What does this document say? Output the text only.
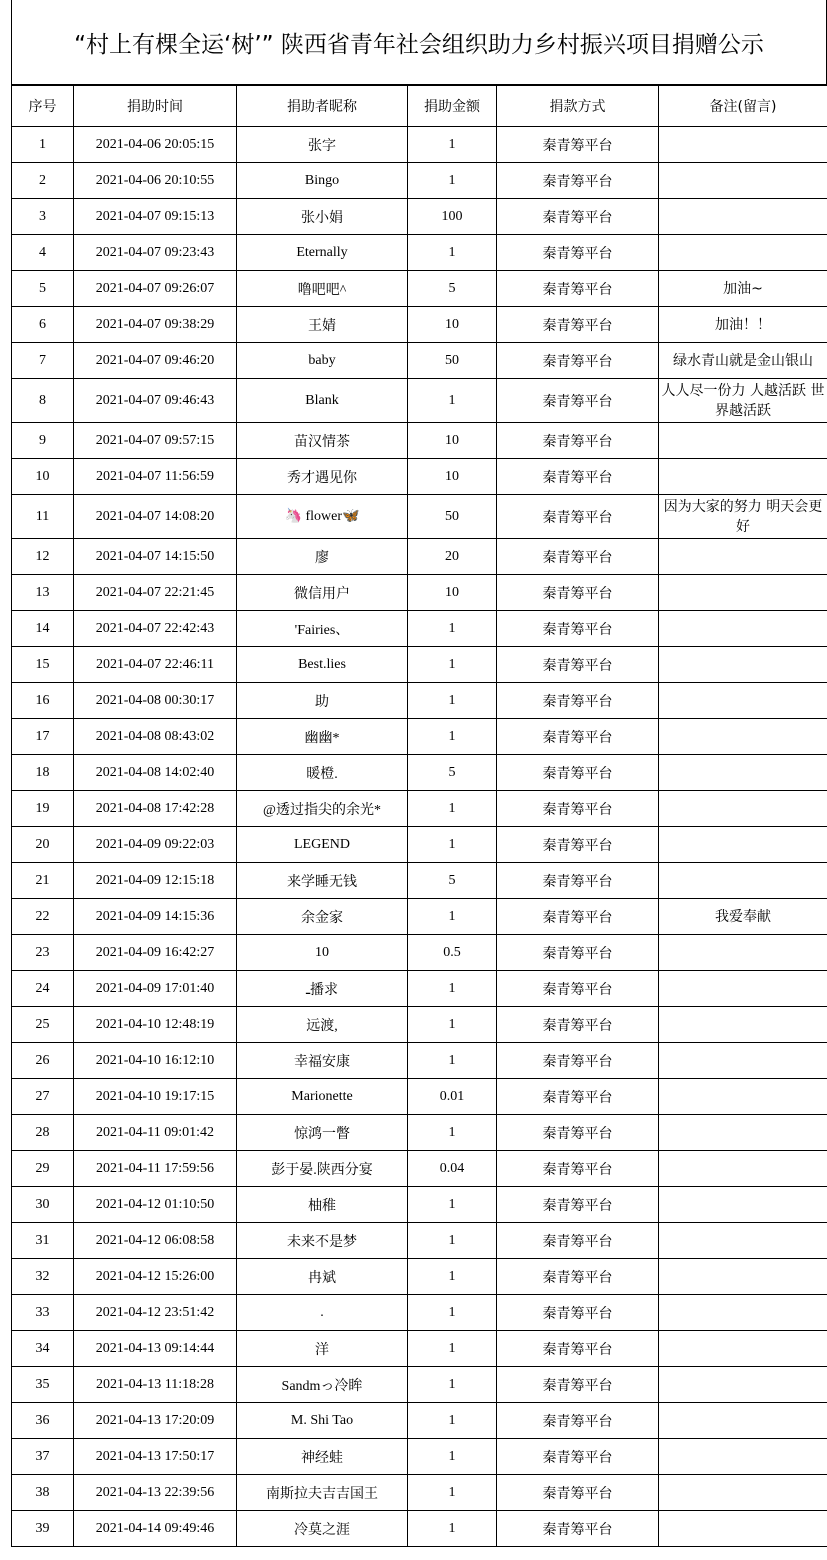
“村上有棵全运‘树’” 陕西省青年社会组织助力乡村振兴项目捐赠公示
序号	捐助时间	捐助者昵称	捐助金额	捐款方式	备注(留言)
1	2021-04-06 20:05:15	张字	1	秦青筹平台	
2	2021-04-06 20:10:55	Bingo	1	秦青筹平台	
3	2021-04-07 09:15:13	张小娟	100	秦青筹平台	
4	2021-04-07 09:23:43	Eternally	1	秦青筹平台	
5	2021-04-07 09:26:07	噜吧吧^	5	秦青筹平台	加油~
6	2021-04-07 09:38:29	王婧	10	秦青筹平台	加油！！
7	2021-04-07 09:46:20	baby	50	秦青筹平台	绿水青山就是金山银山
8	2021-04-07 09:46:43	Blank	1	秦青筹平台	人人尽一份力 人越活跃 世界越活跃
9	2021-04-07 09:57:15	苗汉情茶	10	秦青筹平台	
10	2021-04-07 11:56:59	秀才遇见你	10	秦青筹平台	
11	2021-04-07 14:08:20	🦄 flower🦋	50	秦青筹平台	因为大家的努力 明天会更好
12	2021-04-07 14:15:50	廖	20	秦青筹平台	
13	2021-04-07 22:21:45	微信用户	10	秦青筹平台	
14	2021-04-07 22:42:43	'Fairies、	1	秦青筹平台	
15	2021-04-07 22:46:11	Best.lies	1	秦青筹平台	
16	2021-04-08 00:30:17	助	1	秦青筹平台	
17	2021-04-08 08:43:02	幽幽*	1	秦青筹平台	
18	2021-04-08 14:02:40	暖橙.	5	秦青筹平台	
19	2021-04-08 17:42:28	@透过指尖的余光*	1	秦青筹平台	
20	2021-04-09 09:22:03	LEGEND	1	秦青筹平台	
21	2021-04-09 12:15:18	来学睡无钱	5	秦青筹平台	
22	2021-04-09 14:15:36	余金家	1	秦青筹平台	我爱奉献
23	2021-04-09 16:42:27	10	0.5	秦青筹平台	
24	2021-04-09 17:01:40	ـ播求	1	秦青筹平台	
25	2021-04-10 12:48:19	远渡,	1	秦青筹平台	
26	2021-04-10 16:12:10	幸福安康	1	秦青筹平台	
27	2021-04-10 19:17:15	Marionette	0.01	秦青筹平台	
28	2021-04-11 09:01:42	惊鸿一瞥	1	秦青筹平台	
29	2021-04-11 17:59:56	彭于晏.陕西分宴	0.04	秦青筹平台	
30	2021-04-12 01:10:50	柚稚	1	秦青筹平台	
31	2021-04-12 06:08:58	未来不是梦	1	秦青筹平台	
32	2021-04-12 15:26:00	冉斌	1	秦青筹平台	
33	2021-04-12 23:51:42	.	1	秦青筹平台	
34	2021-04-13 09:14:44	洋	1	秦青筹平台	
35	2021-04-13 11:18:28	Sandmっ冷眸	1	秦青筹平台	
36	2021-04-13 17:20:09	M. Shi Tao	1	秦青筹平台	
37	2021-04-13 17:50:17	神经蛙	1	秦青筹平台	
38	2021-04-13 22:39:56	南斯拉夫吉吉国王	1	秦青筹平台	
39	2021-04-14 09:49:46	冷莫之涯	1	秦青筹平台	
